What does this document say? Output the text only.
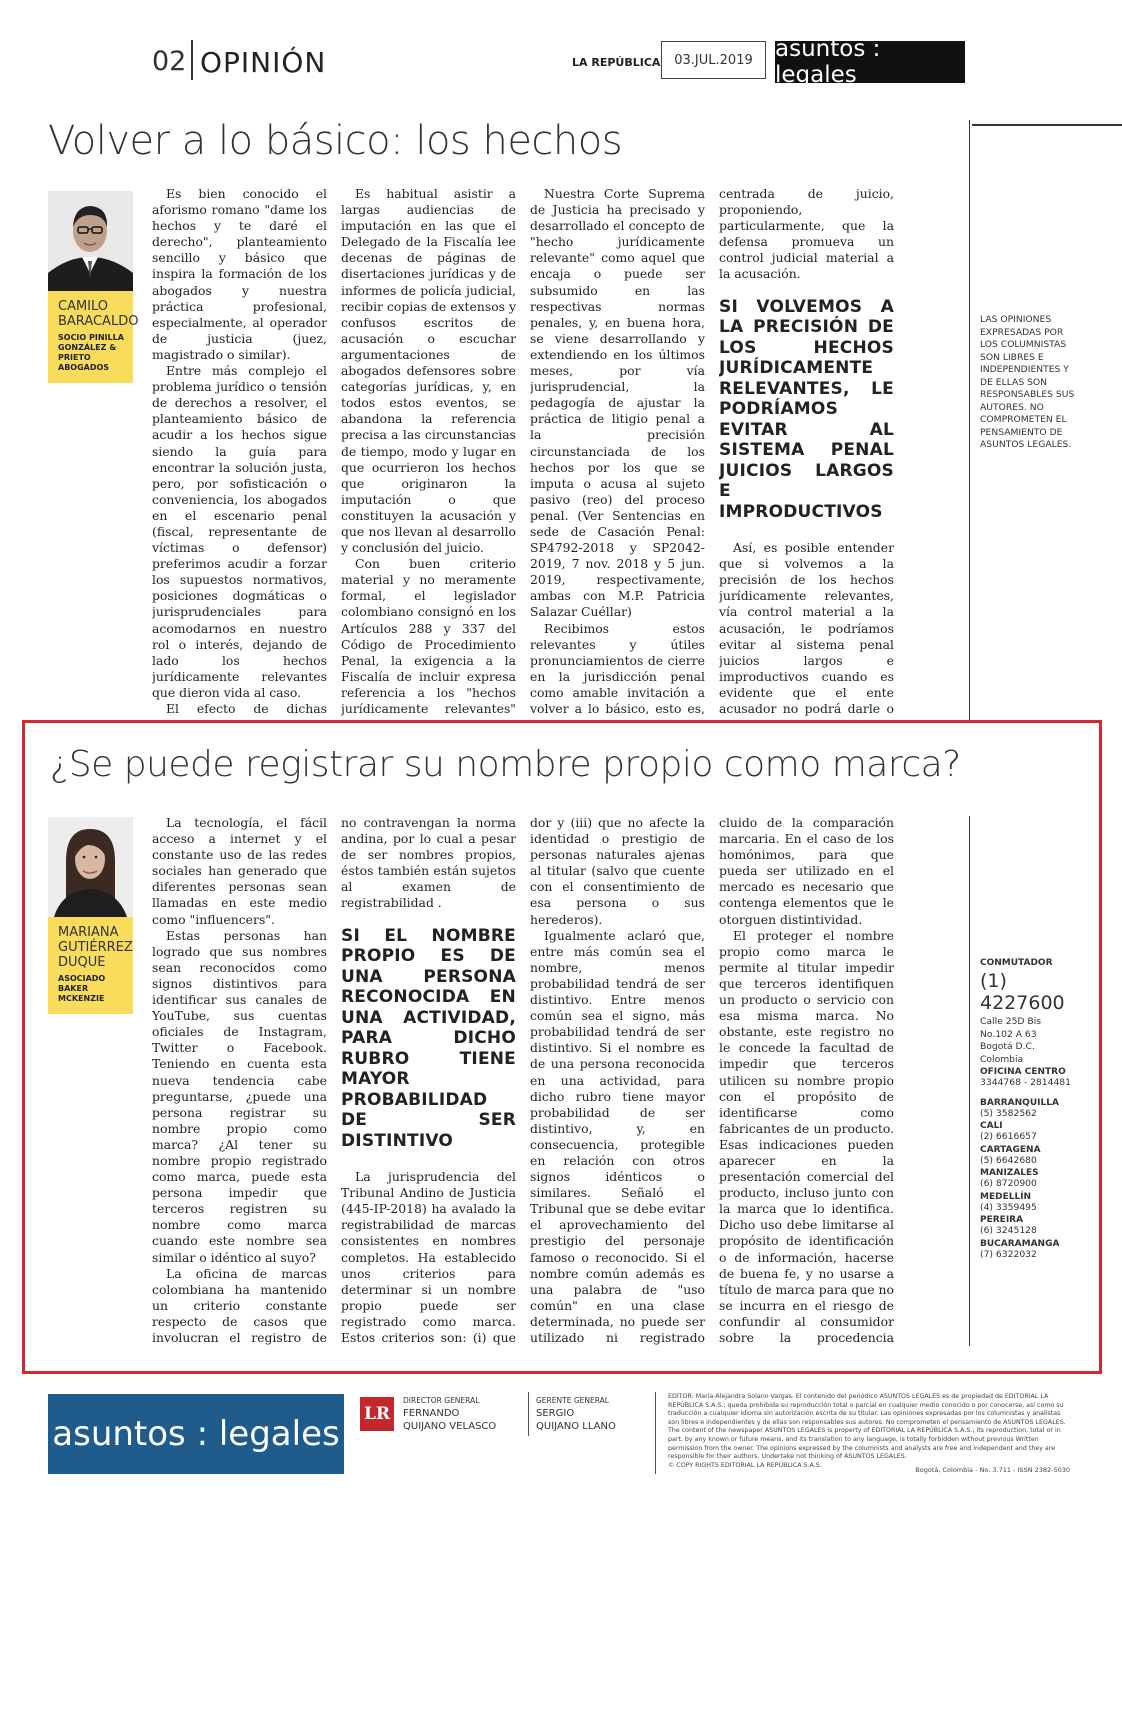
02 OPINIÓN	LA REPÚBLICA	03.JUL.2019 asuntos : legales
Volver a lo básico: los hechos
CAMILO
BARACALDO
SOCIO PINILLA GONZÁLEZ & PRIETO ABOGADOS

Es bien conocido el aforismo romano "dame los hechos y te daré el derecho", planteamiento sencillo y básico que inspira la formación de los abogados y nuestra práctica profesional, especialmente, al operador de justicia (juez, magistrado o similar).

Entre más complejo el problema jurídico o tensión de derechos a resolver, el planteamiento básico de acudir a los hechos sigue siendo la guía para encontrar la solución justa, pero, por sofisticación o conveniencia, los abogados en el escenario penal (fiscal, representante de víctimas o defensor) preferimos acudir a forzar los supuestos normativos, posiciones dogmáticas o jurisprudenciales para acomodarnos en nuestro rol o interés, dejando de lado los hechos jurídicamente relevantes que dieron vida al caso.

El efecto de dichas

Es habitual asistir a largas audiencias de imputación en las que el Delegado de la Fiscalía lee decenas de páginas de disertaciones jurídicas y de informes de policía judicial, recibir copias de extensos y confusos escritos de acusación o escuchar argumentaciones de abogados defensores sobre categorías jurídicas, y, en todos estos eventos, se abandona la referencia precisa a las circunstancias de tiempo, modo y lugar en que ocurrieron los hechos que originaron la imputación o que constituyen la acusación y que nos llevan al desarrollo y conclusión del juicio.

Con buen criterio material y no meramente formal, el legislador colombiano consignó en los Artículos 288 y 337 del Código de Procedimiento Penal, la exigencia a la Fiscalía de incluir expresa referencia a los "hechos jurídicamente relevantes"

Nuestra Corte Suprema de Justicia ha precisado y desarrollado el concepto de "hecho jurídicamente relevante" como aquel que encaja o puede ser subsumido en las respectivas normas penales, y, en buena hora, se viene desarrollando y extendiendo en los últimos meses, por vía jurisprudencial, la pedagogía de ajustar la práctica de litigio penal a la precisión circunstanciada de los hechos por los que se imputa o acusa al sujeto pasivo (reo) del proceso penal. (Ver Sentencias en sede de Casación Penal: SP4792-2018 y SP2042-2019, 7 nov. 2018 y 5 jun. 2019, respectivamente, ambas con M.P. Patricia Salazar Cuéllar)

Recibimos estos relevantes y útiles pronunciamientos de cierre en la jurisdicción penal como amable invitación a volver a lo básico, esto es,

centrada de juicio, proponiendo, particularmente, que la defensa promueva un control judicial material a la acusación.

SI VOLVEMOS A LA PRECISIÓN DE LOS HECHOS JURÍDICAMENTE RELEVANTES, LE PODRÍAMOS EVITAR AL SISTEMA PENAL JUICIOS LARGOS E IMPRODUCTIVOS

Así, es posible entender que si volvemos a la precisión de los hechos jurídicamente relevantes, vía control material a la acusación, le podríamos evitar al sistema penal juicios largos e improductivos cuando es evidente que el ente acusador no podrá darle o

LAS OPINIONES EXPRESADAS POR LOS COLUMNISTAS SON LIBRES E INDEPENDIENTES Y DE ELLAS SON RESPONSABLES SUS AUTORES. NO COMPROMETEN EL PENSAMIENTO DE ASUNTOS LEGALES.
¿Se puede registrar su nombre propio como marca?
MARIANA
GUTIÉRREZ
DUQUE
ASOCIADO BAKER MCKENZIE

La tecnología, el fácil acceso a internet y el constante uso de las redes sociales han generado que diferentes personas sean llamadas en este medio como "influencers".

Estas personas han logrado que sus nombres sean reconocidos como signos distintivos para identificar sus canales de YouTube, sus cuentas oficiales de Instagram, Twitter o Facebook. Teniendo en cuenta esta nueva tendencia cabe preguntarse, ¿puede una persona registrar su nombre propio como marca? ¿Al tener su nombre propio registrado como marca, puede esta persona impedir que terceros registren su nombre como marca cuando este nombre sea similar o idéntico al suyo?

La oficina de marcas colombiana ha mantenido un criterio constante respecto de casos que involucran el registro de

no contravengan la norma andina, por lo cual a pesar de ser nombres propios, éstos también están sujetos al examen de registrabilidad .

SI EL NOMBRE PROPIO ES DE UNA PERSONA RECONOCIDA EN UNA ACTIVIDAD, PARA DICHO RUBRO TIENE MAYOR PROBABILIDAD DE SER DISTINTIVO

La jurisprudencia del Tribunal Andino de Justicia (445-IP-2018) ha avalado la registrabilidad de marcas consistentes en nombres completos. Ha establecido unos criterios para determinar si un nombre propio puede ser registrado como marca. Estos criterios son: (i) que

dor y (iii) que no afecte la identidad o prestigio de personas naturales ajenas al titular (salvo que cuente con el consentimiento de esa persona o sus herederos).

Igualmente aclaró que, entre más común sea el nombre, menos probabilidad tendrá de ser distintivo. Entre menos común sea el signo, más probabilidad tendrá de ser distintivo. Si el nombre es de una persona reconocida en una actividad, para dicho rubro tiene mayor probabilidad de ser distintivo, y, en consecuencia, protegible en relación con otros signos idénticos o similares. Señaló el Tribunal que se debe evitar el aprovechamiento del prestigio del personaje famoso o reconocido. Si el nombre común además es una palabra de "uso común" en una clase determinada, no puede ser utilizado ni registrado

cluido de la comparación marcaria. En el caso de los homónimos, para que pueda ser utilizado en el mercado es necesario que contenga elementos que le otorguen distintividad.

El proteger el nombre propio como marca le permite al titular impedir que terceros identifiquen un producto o servicio con esa misma marca. No obstante, este registro no le concede la facultad de impedir que terceros utilicen su nombre propio con el propósito de identificarse como fabricantes de un producto. Esas indicaciones pueden aparecer en la presentación comercial del producto, incluso junto con la marca que lo identifica. Dicho uso debe limitarse al propósito de identificación o de información, hacerse de buena fe, y no usarse a título de marca para que no se incurra en el riesgo de confundir al consumidor sobre la procedencia

CONMUTADOR
(1) 4227600
Calle 25D Bis
No.102 A 63
Bogotá D.C.
Colombia
OFICINA CENTRO
3344768 - 2814481
BARRANQUILLA
(5) 3582562
CALI
(2) 6616657
CARTAGENA
(5) 6642680
MANIZALES
(6) 8720900
MEDELLÍN
(4) 3359495
PEREIRA
(6) 3245128
BUCARAMANGA
(7) 6322032
asuntos : legales LR
DIRECTOR GENERAL
FERNANDO
QUIJANO VELASCO
GERENTE GENERAL
SERGIO
QUIJANO LLANO
EDITOR: María Alejandra Solano Vargas. El contenido del periódico ASUNTOS LEGALES es de propiedad de EDITORIAL LA REPÚBLICA S.A.S.; queda prohibida su reproducción total o parcial en cualquier medio conocido o por conocerse, así como su traducción a cualquier idioma sin autorización escrita de su titular. Las opiniones expresadas por los columnistas y analistas son libres e independientes y de ellas son responsables sus autores. No comprometen el pensamiento de ASUNTOS LEGALES. The content of the newspaper ASUNTOS LEGALES is property of EDITORIAL LA REPÚBLICA S.A.S.; its reproduction, total or in part, by any known or future means, and its translation to any language, is totally forbidden without previous Written permission from the owner. The opinions expressed by the columnists and analysts are free and independent and they are responsible for their authors. Undertake not thinking of ASUNTOS LEGALES.
© COPY RIGHTS EDITORIAL LA REPÚBLICA S.A.S.
Bogotá, Colombia - No. 3.711 - ISSN 2382-5030
